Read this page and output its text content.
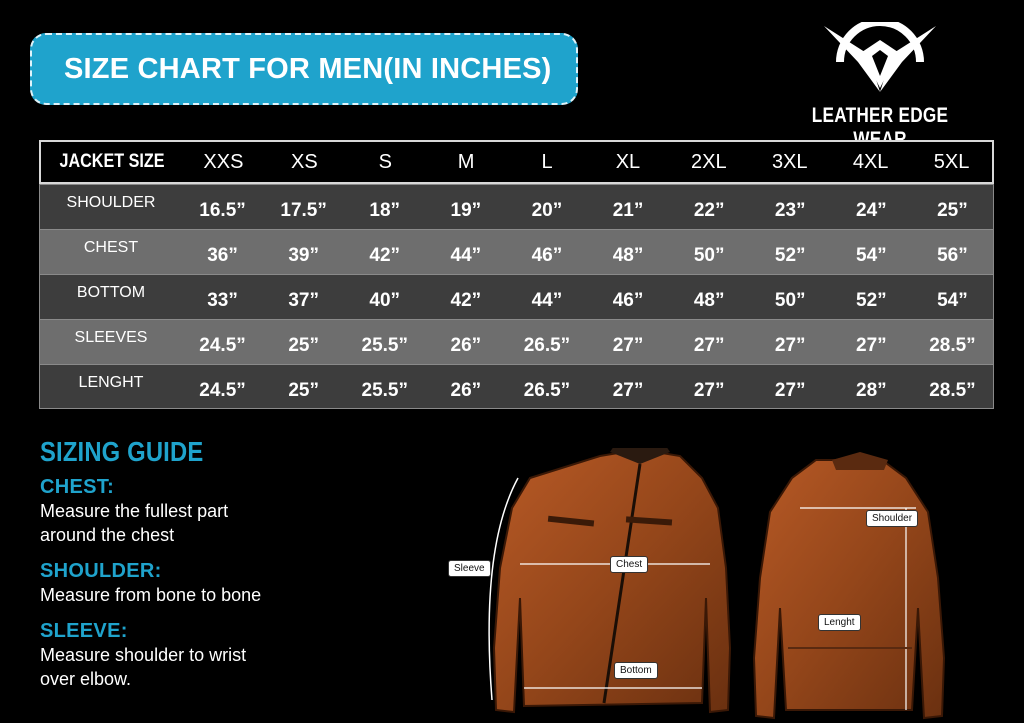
SIZE CHART FOR MEN(IN INCHES)
LEATHER EDGE
JACKET SIZE	XXS	XS	S	M	L	XL	2XL	3XL	4XL	5XL
SHOULDER	16.5”	17.5”	18”	19”	20”	21”	22”	23”	24”	25”
CHEST	36”	39”	42”	44”	46”	48”	50”	52”	54”	56”
BOTTOM	33”	37”	40”	42”	44”	46”	48”	50”	52”	54”
SLEEVES	24.5”	25”	25.5”	26”	26.5”	27”	27”	27”	27”	28.5”
LENGHT	24.5”	25”	25.5”	26”	26.5”	27”	27”	27”	28”	28.5”
SIZING GUIDE
CHEST:
Measure the fullest part
around the chest
SHOULDER:
Measure from bone to bone
SLEEVE:
Measure shoulder to wrist
over elbow.
Sleeve	Chest
Bottom
Shoulder
Lenght
